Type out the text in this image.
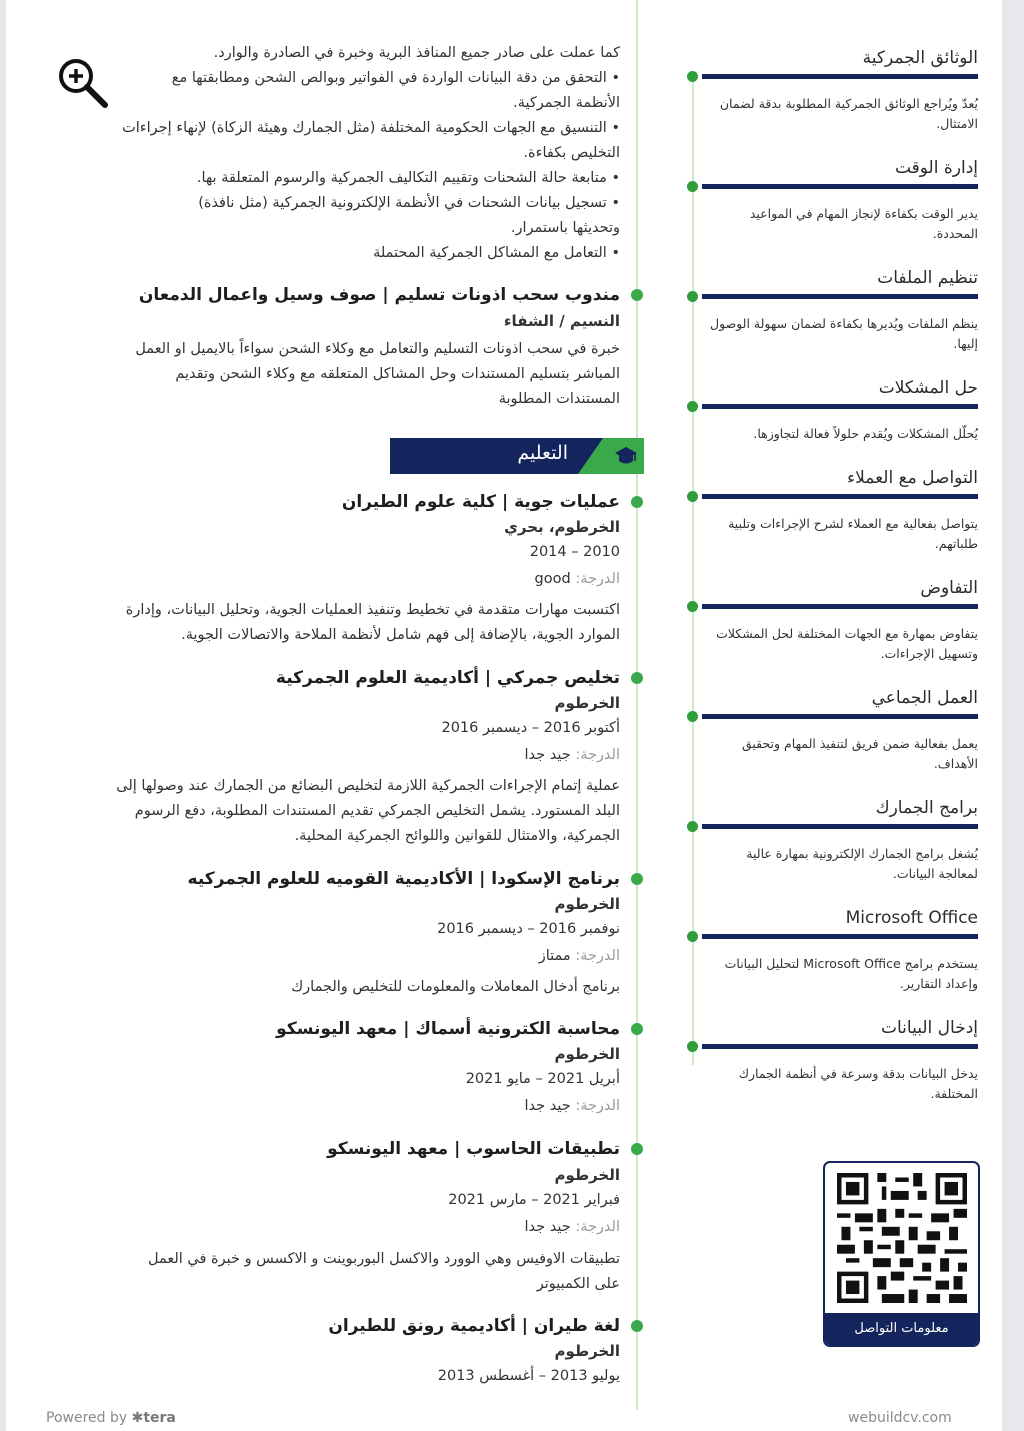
كما عملت على صادر جميع المنافذ البرية وخبرة في الصادرة والوارد.
• التحقق من دقة البيانات الواردة في الفواتير وبوالص الشحن ومطابقتها مع
الأنظمة الجمركية.
• التنسيق مع الجهات الحكومية المختلفة (مثل الجمارك وهيئة الزكاة) لإنهاء إجراءات
التخليص بكفاءة.
• متابعة حالة الشحنات وتقييم التكاليف الجمركية والرسوم المتعلقة بها.
• تسجيل بيانات الشحنات في الأنظمة الإلكترونية الجمركية (مثل نافذة)
وتحديثها باستمرار.
• التعامل مع المشاكل الجمركية المحتملة
مندوب سحب اذونات تسليم | صوف وسيل واعمال الدمعان
النسيم / الشفاء
خبرة في سحب اذونات التسليم والتعامل مع وكلاء الشحن سواءاً بالايميل او العمل
المباشر بتسليم المستندات وحل المشاكل المتعلقه مع وكلاء الشحن وتقديم
المستندات المطلوبة
عمليات جوية | كلية علوم الطيران
الخرطوم، بحري
2010 – 2014
الدرجة: good
اكتسبت مهارات متقدمة في تخطيط وتنفيذ العمليات الجوية، وتحليل البيانات، وإدارة
الموارد الجوية، بالإضافة إلى فهم شامل لأنظمة الملاحة والاتصالات الجوية.
تخليص جمركي | أكاديمية العلوم الجمركية
الخرطوم
أكتوبر 2016 – ديسمبر 2016
الدرجة: جيد جدا
عملية إتمام الإجراءات الجمركية اللازمة لتخليص البضائع من الجمارك عند وصولها إلى
البلد المستورد. يشمل التخليص الجمركي تقديم المستندات المطلوبة، دفع الرسوم
الجمركية، والامتثال للقوانين واللوائح الجمركية المحلية.
برنامج الإسكودا | الأكاديمية القوميه للعلوم الجمركيه
الخرطوم
نوفمبر 2016 – ديسمبر 2016
الدرجة: ممتاز
برنامج أدخال المعاملات والمعلومات للتخليص والجمارك
محاسبة الكترونية أسماك | معهد اليونسكو
الخرطوم
أبريل 2021 – مايو 2021
الدرجة: جيد جدا
تطبيقات الحاسوب | معهد اليونسكو
الخرطوم
فبراير 2021 – مارس 2021
الدرجة: جيد جدا
تطبيقات الاوفيس وهي الوورد والاكسل البوربوينت و الاكسس و خبرة في العمل
على الكمبيوتر
لغة طيران | أكاديمية رونق للطيران
الخرطوم
يوليو 2013 – أغسطس 2013
التعليم
الوثائق الجمركية
يُعدّ ويُراجع الوثائق الجمركية المطلوبة بدقة لضمان الامتثال.
إدارة الوقت
يدير الوقت بكفاءة لإنجاز المهام في المواعيد المحددة.
تنظيم الملفات
ينظم الملفات ويُديرها بكفاءة لضمان سهولة الوصول إليها.
حل المشكلات
يُحلّل المشكلات ويُقدم حلولاً فعالة لتجاوزها.
التواصل مع العملاء
يتواصل بفعالية مع العملاء لشرح الإجراءات وتلبية طلباتهم.
التفاوض
يتفاوض بمهارة مع الجهات المختلفة لحل المشكلات وتسهيل الإجراءات.
العمل الجماعي
يعمل بفعالية ضمن فريق لتنفيذ المهام وتحقيق الأهداف.
برامج الجمارك
يُشغل برامج الجمارك الإلكترونية بمهارة عالية لمعالجة البيانات.
Microsoft Office
يستخدم برامج Microsoft Office لتحليل البيانات وإعداد التقارير.
إدخال البيانات
يدخل البيانات بدقة وسرعة في أنظمة الجمارك المختلفة.
معلومات التواصل
Powered by ✱tera	webuildcv.com
